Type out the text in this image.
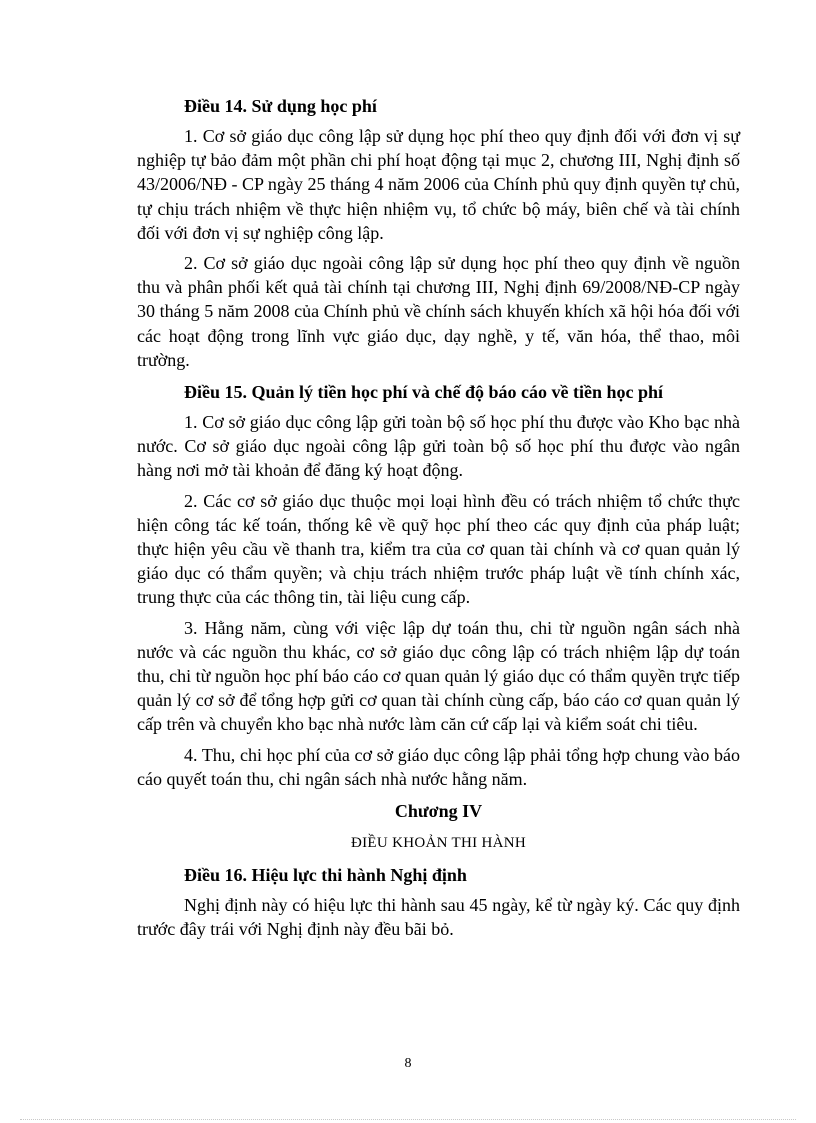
Điều 14. Sử dụng học phí

1. Cơ sở giáo dục công lập sử dụng học phí theo quy định đối với đơn vị sự nghiệp tự bảo đảm một phần chi phí hoạt động tại mục 2, chương III, Nghị định số 43/2006/NĐ - CP ngày 25 tháng 4 năm 2006 của Chính phủ quy định quyền tự chủ, tự chịu trách nhiệm về thực hiện nhiệm vụ, tổ chức bộ máy, biên chế và tài chính đối với đơn vị sự nghiệp công lập.

2. Cơ sở giáo dục ngoài công lập sử dụng học phí theo quy định về nguồn thu và phân phối kết quả tài chính tại chương III, Nghị định 69/2008/NĐ-CP ngày 30 tháng 5 năm 2008 của Chính phủ về chính sách khuyến khích xã hội hóa đối với các hoạt động trong lĩnh vực giáo dục, dạy nghề, y tế, văn hóa, thể thao, môi trường.

Điều 15. Quản lý tiền học phí và chế độ báo cáo về tiền học phí

1. Cơ sở giáo dục công lập gửi toàn bộ số học phí thu được vào Kho bạc nhà nước. Cơ sở giáo dục ngoài công lập gửi toàn bộ số học phí thu được vào ngân hàng nơi mở tài khoản để đăng ký hoạt động.

2. Các cơ sở giáo dục thuộc mọi loại hình đều có trách nhiệm tổ chức thực hiện công tác kế toán, thống kê về quỹ học phí theo các quy định của pháp luật; thực hiện yêu cầu về thanh tra, kiểm tra của cơ quan tài chính và cơ quan quản lý giáo dục có thẩm quyền; và chịu trách nhiệm trước pháp luật về tính chính xác, trung thực của các thông tin, tài liệu cung cấp.

3. Hằng năm, cùng với việc lập dự toán thu, chi từ nguồn ngân sách nhà nước và các nguồn thu khác, cơ sở giáo dục công lập có trách nhiệm lập dự toán thu, chi từ nguồn học phí báo cáo cơ quan quản lý giáo dục có thẩm quyền trực tiếp quản lý cơ sở để tổng hợp gửi cơ quan tài chính cùng cấp, báo cáo cơ quan quản lý cấp trên và chuyển kho bạc nhà nước làm căn cứ cấp lại và kiểm soát chi tiêu.

4. Thu, chi học phí của cơ sở giáo dục công lập phải tổng hợp chung vào báo cáo quyết toán thu, chi ngân sách nhà nước hằng năm.

Chương IV
ĐIỀU KHOẢN THI HÀNH
Điều 16. Hiệu lực thi hành Nghị định

Nghị định này có hiệu lực thi hành sau 45 ngày, kể từ ngày ký. Các quy định trước đây trái với Nghị định này đều bãi bỏ.

8
